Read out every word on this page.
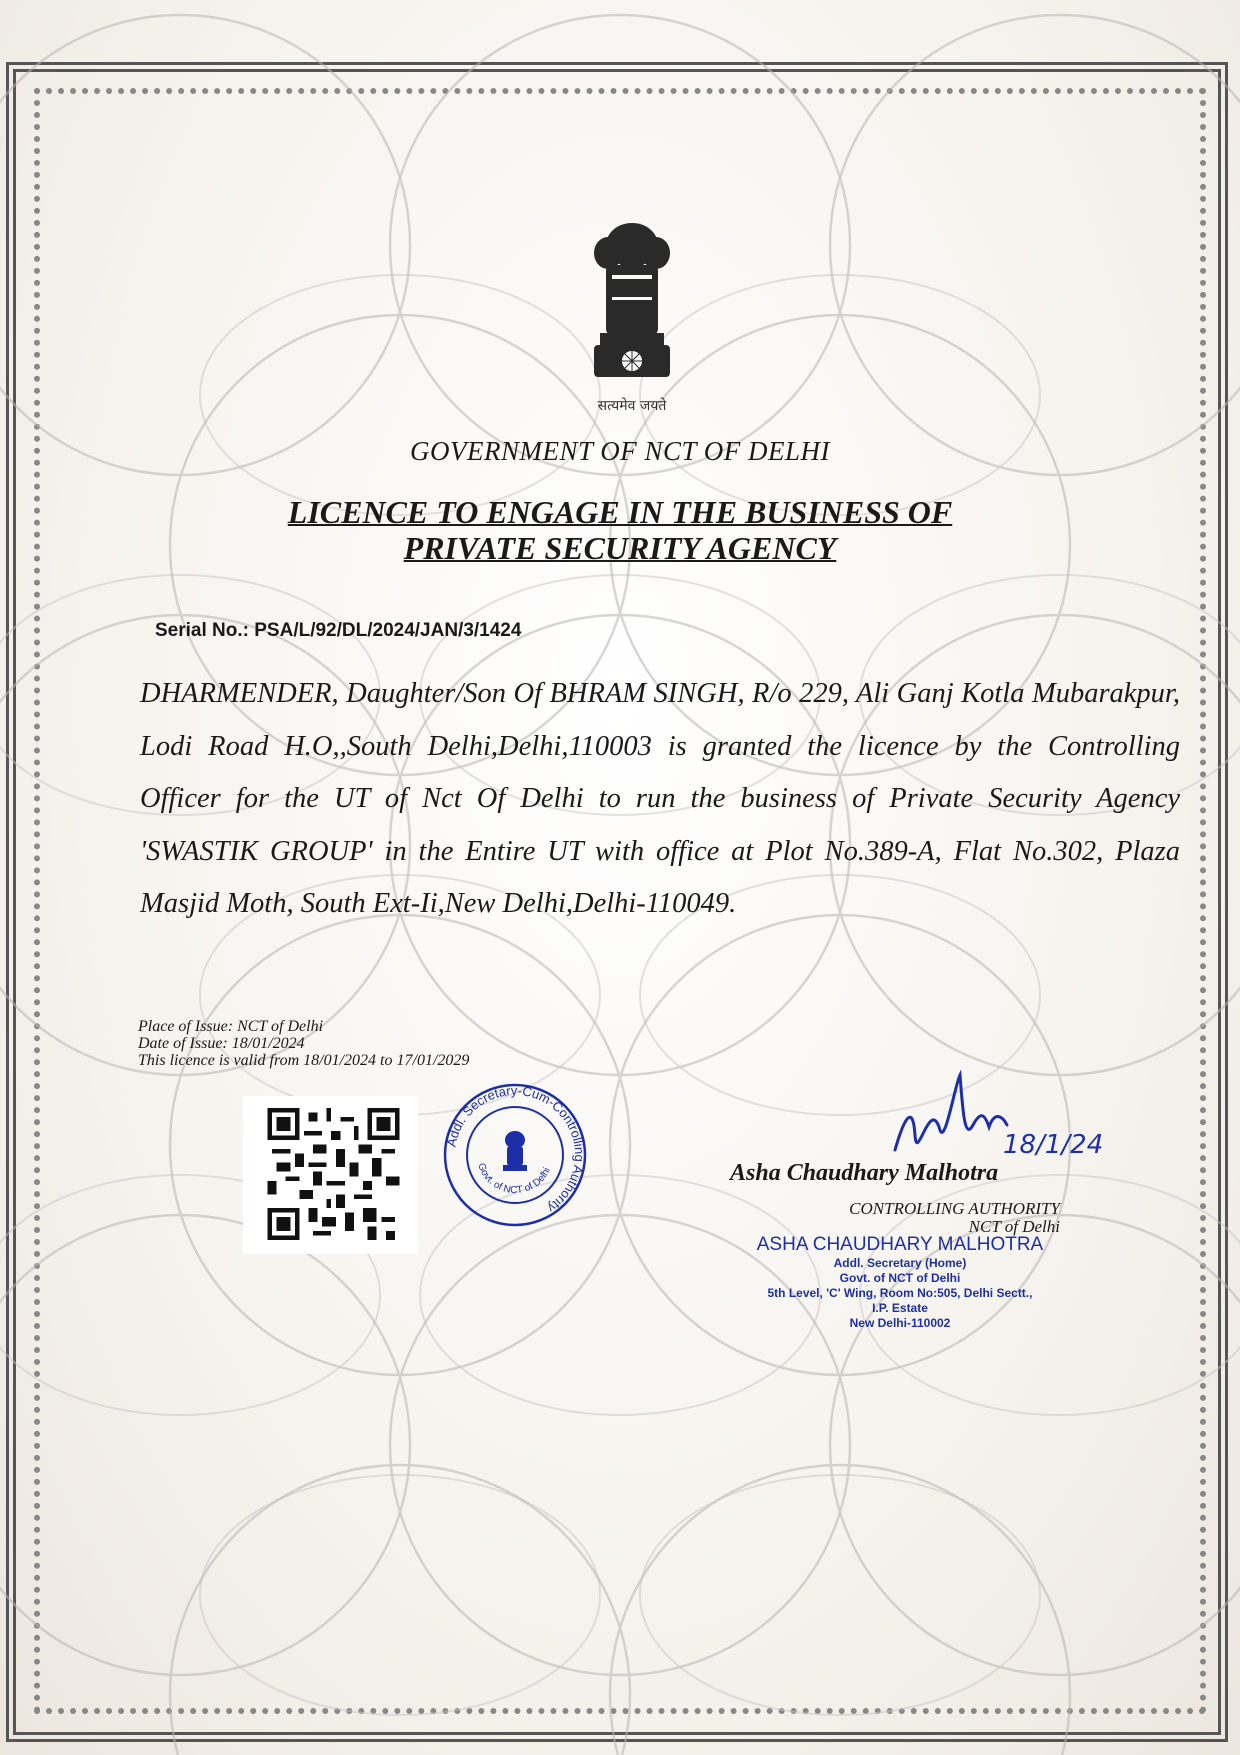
सत्यमेव जयते
GOVERNMENT OF NCT OF DELHI
LICENCE TO ENGAGE IN THE BUSINESS OF
PRIVATE SECURITY AGENCY
Serial No.: PSA/L/92/DL/2024/JAN/3/1424
DHARMENDER, Daughter/Son Of BHRAM SINGH, R/o 229, Ali Ganj Kotla Mubarakpur, Lodi Road H.O,,South Delhi,Delhi,110003 is granted the licence by the Controlling Officer for the UT of Nct Of Delhi to run the business of Private Security Agency 'SWASTIK GROUP' in the Entire UT with office at Plot No.389-A, Flat No.302, Plaza Masjid Moth, South Ext-Ii,New Delhi,Delhi-110049.
Place of Issue: NCT of Delhi
Date of Issue: 18/01/2024
This licence is valid from 18/01/2024 to 17/01/2029
Addl. Secretary-Cum-Controlling Authority
Govt. of NCT of Delhi
18/1/24
Asha Chaudhary Malhotra
CONTROLLING AUTHORITY
NCT of Delhi
ASHA CHAUDHARY MALHOTRA
Addl. Secretary (Home)
Govt. of NCT of Delhi
5th Level, 'C' Wing, Room No:505, Delhi Sectt.,
I.P. Estate
New Delhi-110002
